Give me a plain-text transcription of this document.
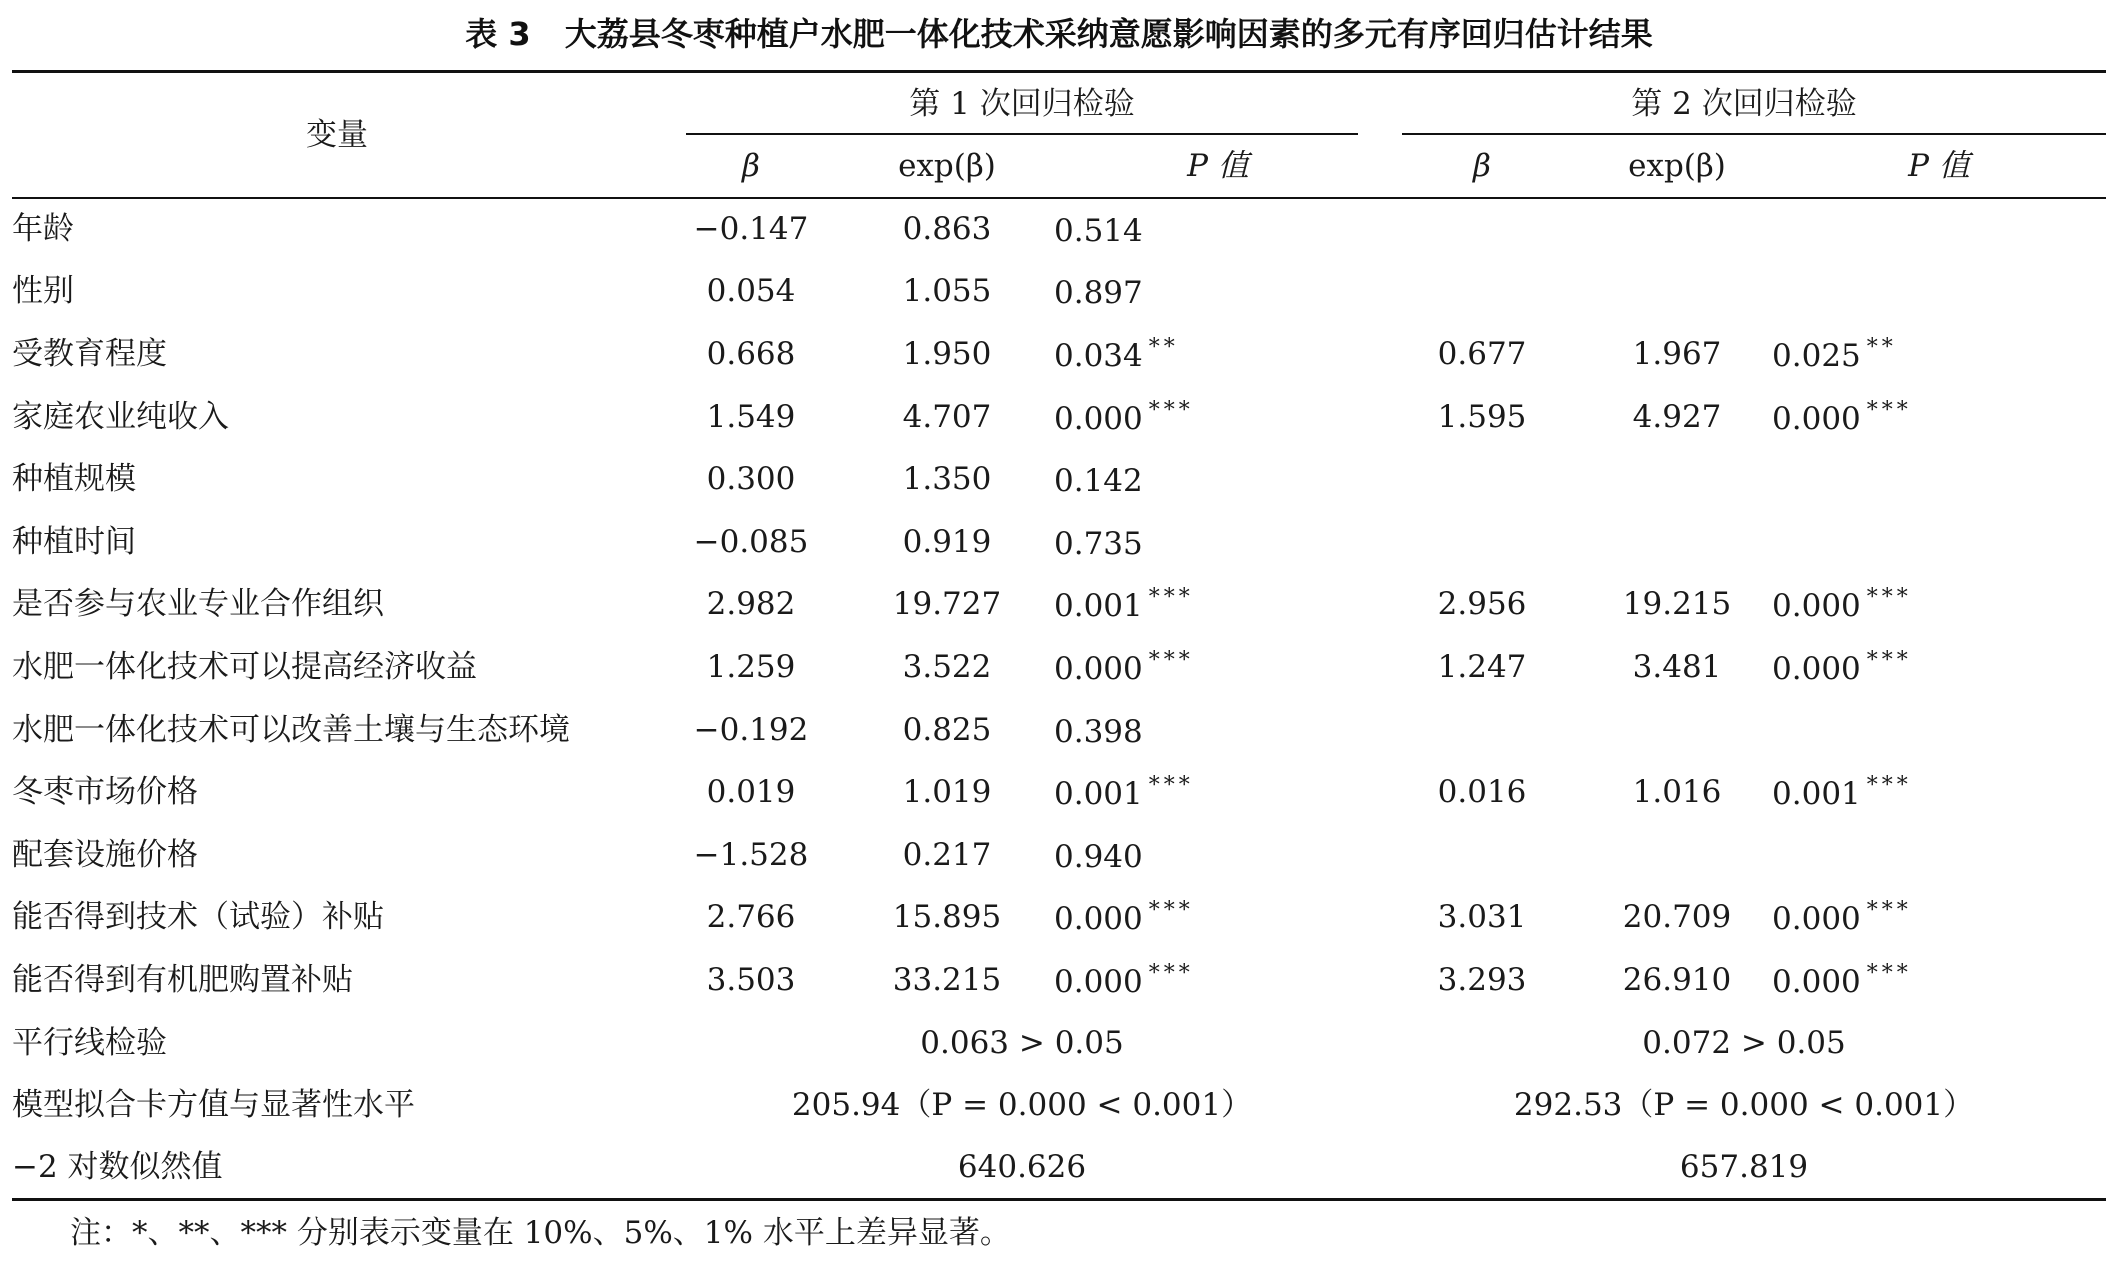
表 3 大荔县冬枣种植户水肥一体化技术采纳意愿影响因素的多元有序回归估计结果
变量	第 1 次回归检验			第 2 次回归检验		

	β	exp(β)	P 值	β	exp(β)	P 值
年龄	−0.147	0.863	0.514			
性别	0.054	1.055	0.897			
受教育程度	0.668	1.950	0.034 **	0.677	1.967	0.025 **
家庭农业纯收入	1.549	4.707	0.000 ***	1.595	4.927	0.000 ***
种植规模	0.300	1.350	0.142			
种植时间	−0.085	0.919	0.735			
是否参与农业专业合作组织	2.982	19.727	0.001 ***	2.956	19.215	0.000 ***
水肥一体化技术可以提高经济收益	1.259	3.522	0.000 ***	1.247	3.481	0.000 ***
水肥一体化技术可以改善土壤与生态环境	−0.192	0.825	0.398			
冬枣市场价格	0.019	1.019	0.001 ***	0.016	1.016	0.001 ***
配套设施价格	−1.528	0.217	0.940			
能否得到技术（试验）补贴	2.766	15.895	0.000 ***	3.031	20.709	0.000 ***
能否得到有机肥购置补贴	3.503	33.215	0.000 ***	3.293	26.910	0.000 ***
平行线检验	0.063 > 0.05			0.072 > 0.05		
模型拟合卡方值与显著性水平	205.94（P = 0.000 < 0.001）			292.53（P = 0.000 < 0.001）		
−2 对数似然值	640.626			657.819		
注：*、**、*** 分别表示变量在 10%、5%、1% 水平上差异显著。
